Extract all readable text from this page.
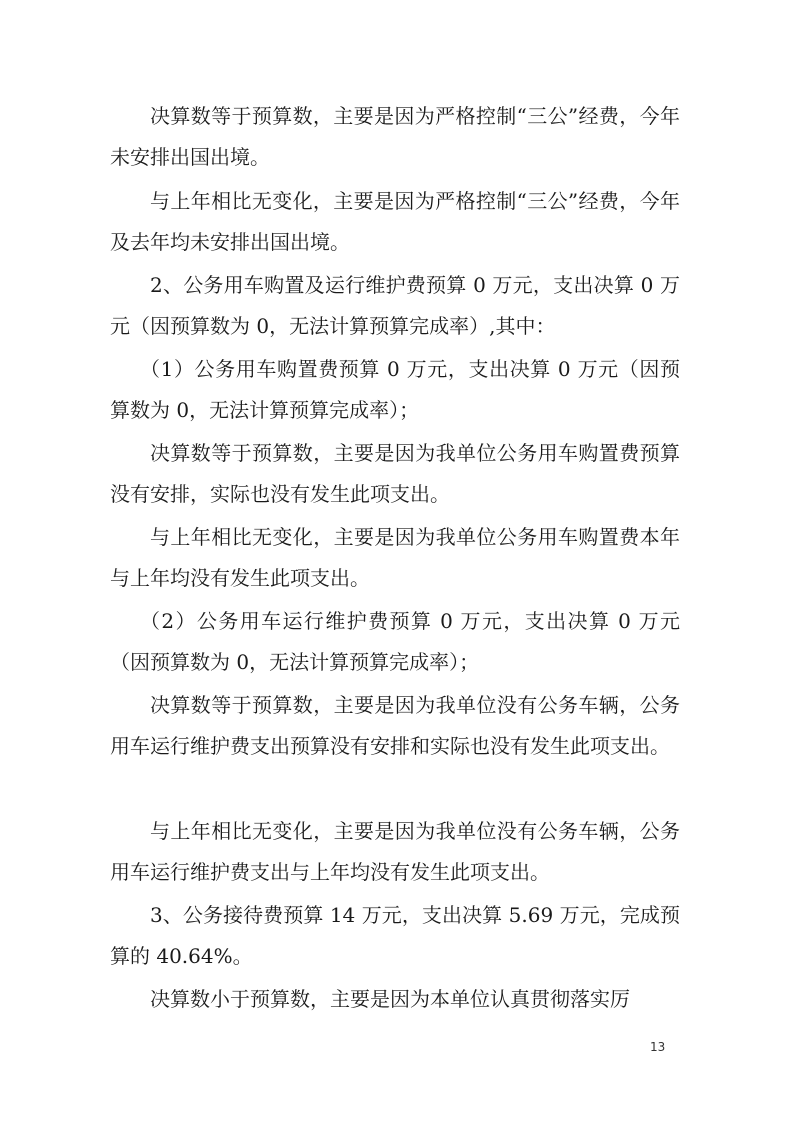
决算数等于预算数，主要是因为严格控制“三公”经费，今年未安排出国出境。

与上年相比无变化，主要是因为严格控制“三公”经费，今年及去年均未安排出国出境。

2、公务用车购置及运行维护费预算 0 万元，支出决算 0 万元（因预算数为 0，无法计算预算完成率）,其中：

（1）公务用车购置费预算 0 万元，支出决算 0 万元（因预算数为 0，无法计算预算完成率）；

决算数等于预算数，主要是因为我单位公务用车购置费预算没有安排，实际也没有发生此项支出。

与上年相比无变化，主要是因为我单位公务用车购置费本年与上年均没有发生此项支出。

（2）公务用车运行维护费预算 0 万元，支出决算 0 万元（因预算数为 0，无法计算预算完成率）；

决算数等于预算数，主要是因为我单位没有公务车辆，公务用车运行维护费支出预算没有安排和实际也没有发生此项支出。

与上年相比无变化，主要是因为我单位没有公务车辆，公务用车运行维护费支出与上年均没有发生此项支出。

3、公务接待费预算 14 万元，支出决算 5.69 万元，完成预算的 40.64%。

决算数小于预算数，主要是因为本单位认真贯彻落实厉

13
